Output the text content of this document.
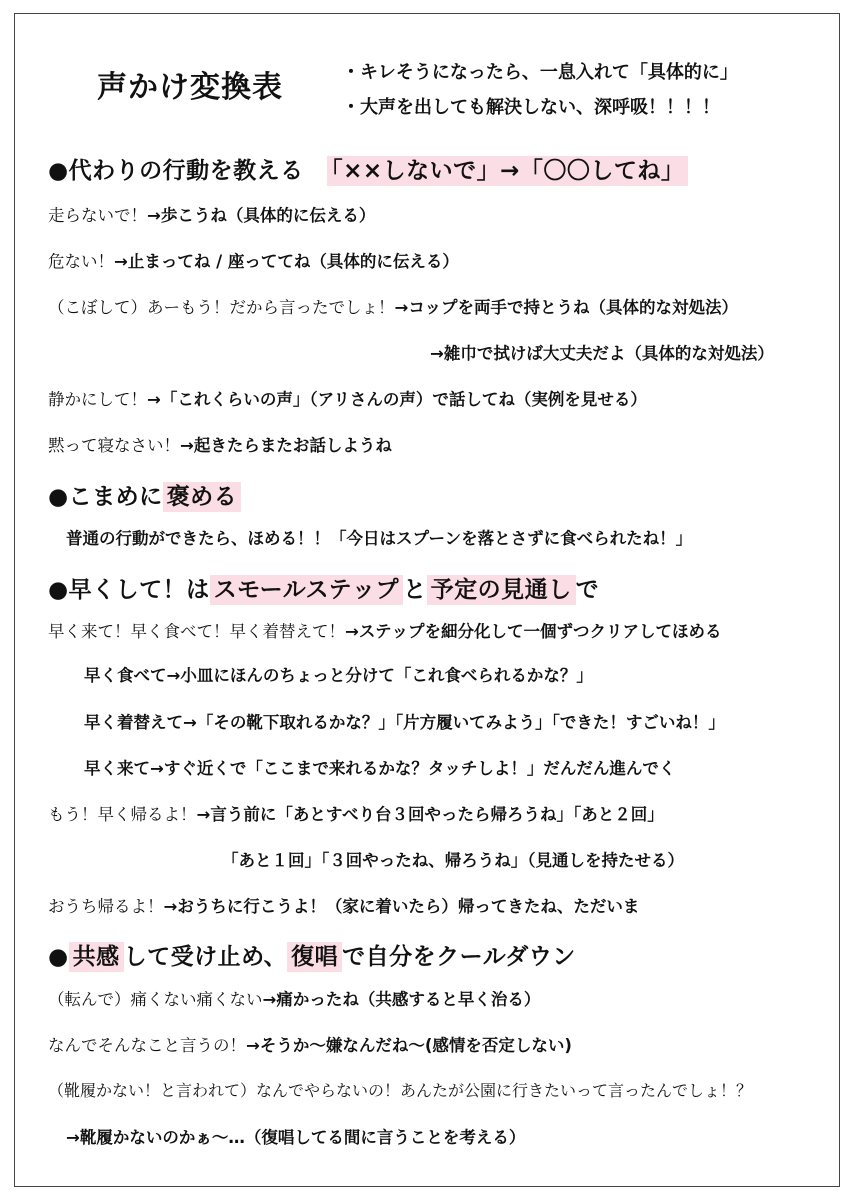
声かけ変換表	・キレそうになったら、一息入れて「具体的に」
・大声を出しても解決しない、深呼吸！！！！
●代わりの行動を教える　「××しないで」→「〇〇してね」
走らないで！→歩こうね（具体的に伝える）
危ない！→止まってね / 座っててね（具体的に伝える）
（こぼして）あーもう！だから言ったでしょ！→コップを両手で持とうね（具体的な対処法）
→雑巾で拭けば大丈夫だよ（具体的な対処法）
静かにして！→「これくらいの声」（アリさんの声）で話してね（実例を見せる）
黙って寝なさい！→起きたらまたお話しようね
●こまめに 褒める
普通の行動ができたら、ほめる！！「今日はスプーンを落とさずに食べられたね！」
●早くして！は スモールステップ と 予定の見通し で
早く来て！早く食べて！早く着替えて！→ステップを細分化して一個ずつクリアしてほめる
早く食べて→小皿にほんのちょっと分けて「これ食べられるかな？」
早く着替えて→「その靴下取れるかな？」「片方履いてみよう」「できた！すごいね！」
早く来て→すぐ近くで「ここまで来れるかな？タッチしよ！」だんだん進んでく
もう！早く帰るよ！→言う前に「あとすべり台３回やったら帰ろうね」「あと２回」
「あと１回」「３回やったね、帰ろうね」（見通しを持たせる）
おうち帰るよ！→おうちに行こうよ！（家に着いたら）帰ってきたね、ただいま
● 共感 して受け止め、 復唱 で自分をクールダウン
（転んで）痛くない痛くない→痛かったね（共感すると早く治る）
なんでそんなこと言うの！→そうか～嫌なんだね～(感情を否定しない)
（靴履かない！と言われて）なんでやらないの！あんたが公園に行きたいって言ったんでしょ！？
→靴履かないのかぁ～…（復唱してる間に言うことを考える）
